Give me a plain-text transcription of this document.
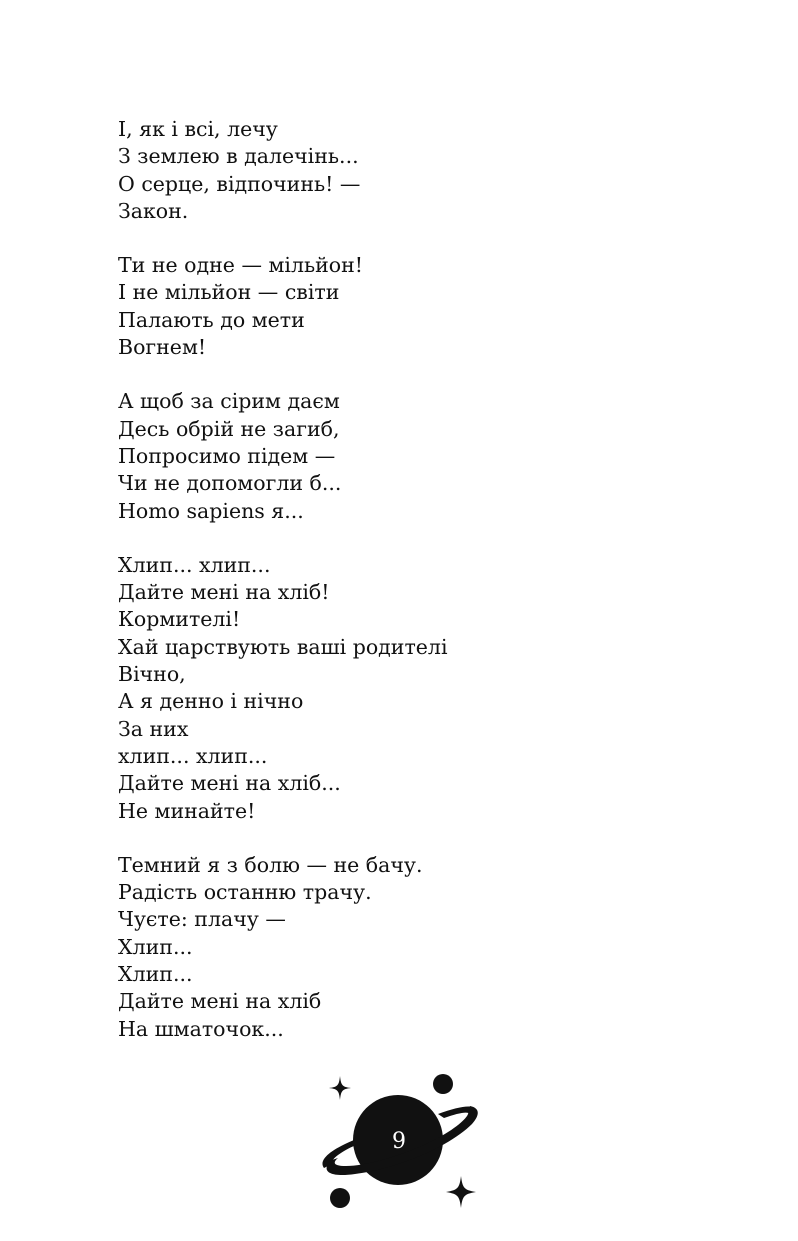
І, як і всі, лечу
З землею в далечінь...
О серце, відпочинь! —
Закон.
Ти не одне — мільйон!
І не мільйон — світи
Палають до мети
Вогнем!
А щоб за сірим даєм
Десь обрій не загиб,
Попросимо підем —
Чи не допомогли б...
Homo sapiens я...
Хлип... хлип...
Дайте мені на хліб!
Кормителі!
Хай царствують ваші родителі
Вічно,
А я денно і нічно
За них
хлип... хлип...
Дайте мені на хліб...
Не минайте!
Темний я з болю — не бачу.
Радість останню трачу.
Чуєте: плачу —
Хлип...
Хлип...
Дайте мені на хліб
На шматочок...
9
